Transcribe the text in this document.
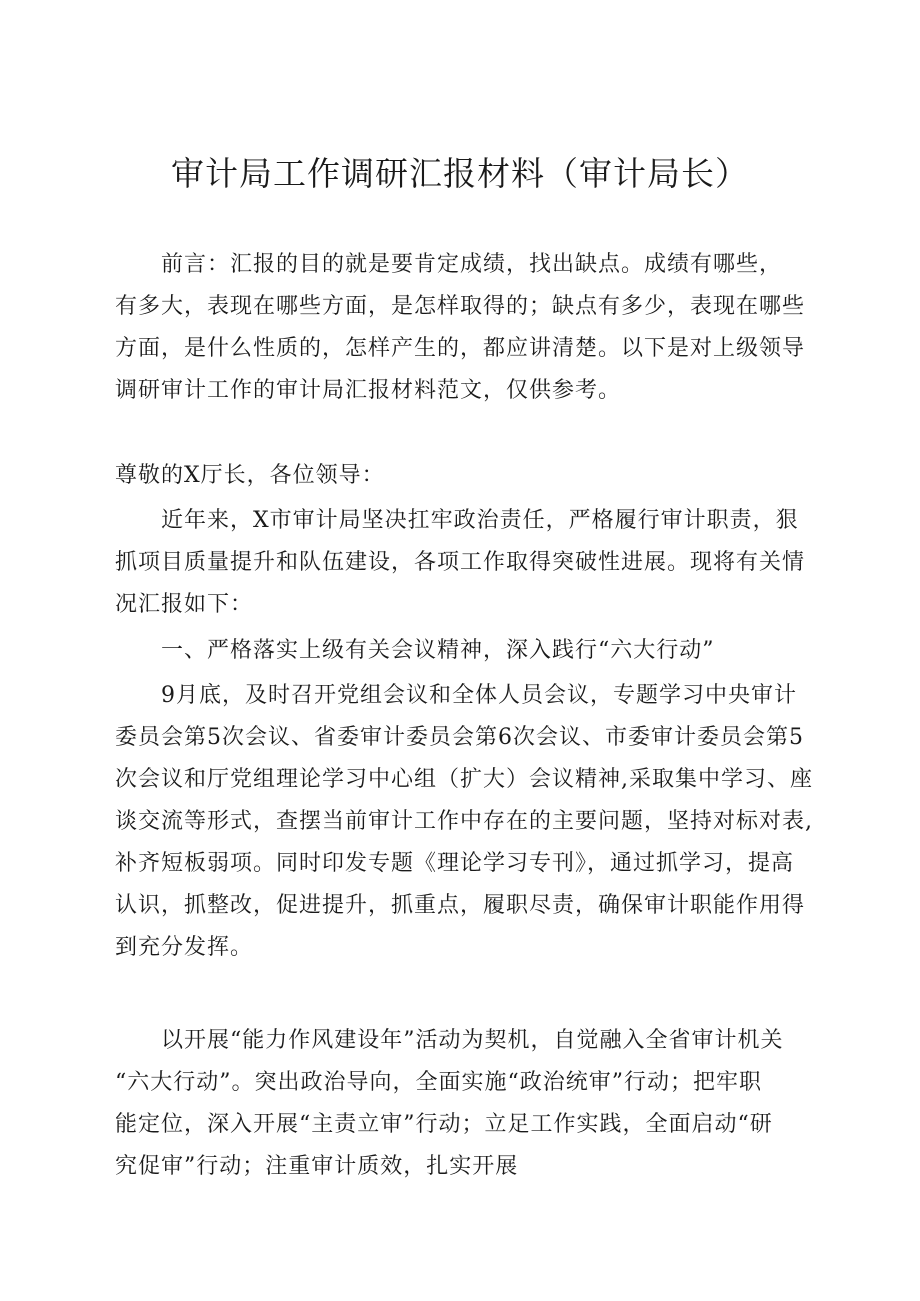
审计局工作调研汇报材料（审计局长）
前言：汇报的目的就是要肯定成绩，找出缺点。成绩有哪些，
有多大，表现在哪些方面，是怎样取得的；缺点有多少，表现在哪些
方面，是什么性质的，怎样产生的，都应讲清楚。以下是对上级领导
调研审计工作的审计局汇报材料范文，仅供参考。
尊敬的X厅长，各位领导：
近年来，X市审计局坚决扛牢政治责任，严格履行审计职责，狠
抓项目质量提升和队伍建设，各项工作取得突破性进展。现将有关情
况汇报如下：
一、严格落实上级有关会议精神，深入践行“六大行动”
9月底，及时召开党组会议和全体人员会议，专题学习中央审计
委员会第5次会议、省委审计委员会第6次会议、市委审计委员会第5
次会议和厅党组理论学习中心组（扩大）会议精神,采取集中学习、座
谈交流等形式，查摆当前审计工作中存在的主要问题，坚持对标对表,
补齐短板弱项。同时印发专题《理论学习专刊》，通过抓学习，提高
认识，抓整改，促进提升，抓重点，履职尽责，确保审计职能作用得
到充分发挥。
以开展“能力作风建设年”活动为契机，自觉融入全省审计机关
“六大行动”。突出政治导向，全面实施“政治统审”行动；把牢职
能定位，深入开展“主责立审”行动；立足工作实践，全面启动“研
究促审”行动；注重审计质效，扎实开展
